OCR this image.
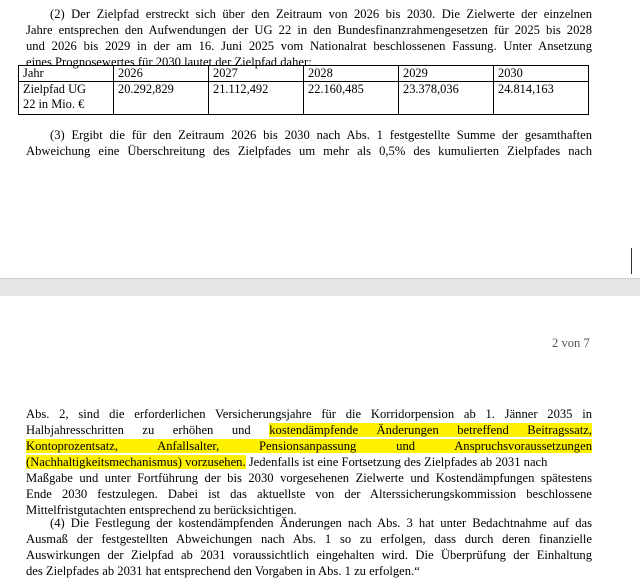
(2) Der Zielpfad erstreckt sich über den Zeitraum von 2026 bis 2030. Die Zielwerte der einzelnen
Jahre entsprechen den Aufwendungen der UG 22 in den Bundesfinanzrahmengesetzen für 2025 bis 2028
und 2026 bis 2029 in der am 16. Juni 2025 vom Nationalrat beschlossenen Fassung. Unter Ansetzung
eines Prognosewertes für 2030 lautet der Zielpfad daher:
Jahr	2026	2027	2028	2029	2030

Zielpfad UG
22 in Mio. €	20.292,829	21.112,492	22.160,485	23.378,036	24.814,163
(3) Ergibt die für den Zeitraum 2026 bis 2030 nach Abs. 1 festgestellte Summe der gesamthaften
Abweichung eine Überschreitung des Zielpfades um mehr als 0,5% des kumulierten Zielpfades nach
2 von 7
Abs. 2, sind die erforderlichen Versicherungsjahre für die Korridorpension ab 1. Jänner 2035 in
Halbjahresschritten zu erhöhen und kostendämpfende Änderungen betreffend Beitragssatz,
Kontoprozentsatz, Anfallsalter, Pensionsanpassung und Anspruchsvoraussetzungen
(Nachhaltigkeitsmechanismus) vorzusehen. Jedenfalls ist eine Fortsetzung des Zielpfades ab 2031 nach
Maßgabe und unter Fortführung der bis 2030 vorgesehenen Zielwerte und Kostendämpfungen spätestens
Ende 2030 festzulegen. Dabei ist das aktuellste von der Alterssicherungskommission beschlossene
Mittelfristgutachten entsprechend zu berücksichtigen.
(4) Die Festlegung der kostendämpfenden Änderungen nach Abs. 3 hat unter Bedachtnahme auf das
Ausmaß der festgestellten Abweichungen nach Abs. 1 so zu erfolgen, dass durch deren finanzielle
Auswirkungen der Zielpfad ab 2031 voraussichtlich eingehalten wird. Die Überprüfung der Einhaltung
des Zielpfades ab 2031 hat entsprechend den Vorgaben in Abs. 1 zu erfolgen.“
